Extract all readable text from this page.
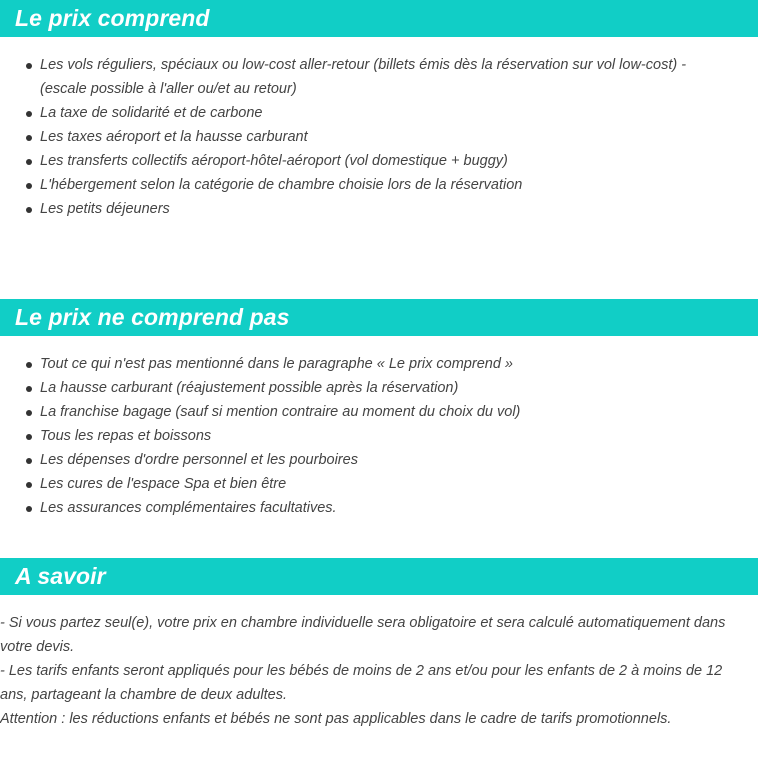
Le prix comprend
Les vols réguliers, spéciaux ou low-cost aller-retour (billets émis dès la réservation sur vol low-cost) - (escale possible à l'aller ou/et au retour)
La taxe de solidarité et de carbone
Les taxes aéroport et la hausse carburant
Les transferts collectifs aéroport-hôtel-aéroport (vol domestique + buggy)
L'hébergement selon la catégorie de chambre choisie lors de la réservation
Les petits déjeuners
Le prix ne comprend pas
Tout ce qui n'est pas mentionné dans le paragraphe « Le prix comprend »
La hausse carburant (réajustement possible après la réservation)
La franchise bagage (sauf si mention contraire au moment du choix du vol)
Tous les repas et boissons
Les dépenses d'ordre personnel et les pourboires
Les cures de l'espace Spa et bien être
Les assurances complémentaires facultatives.
A savoir

- Si vous partez seul(e), votre prix en chambre individuelle sera obligatoire et sera calculé automatiquement dans votre devis.

- Les tarifs enfants seront appliqués pour les bébés de moins de 2 ans et/ou pour les enfants de 2 à moins de 12 ans, partageant la chambre de deux adultes.

Attention : les réductions enfants et bébés ne sont pas applicables dans le cadre de tarifs promotionnels.
